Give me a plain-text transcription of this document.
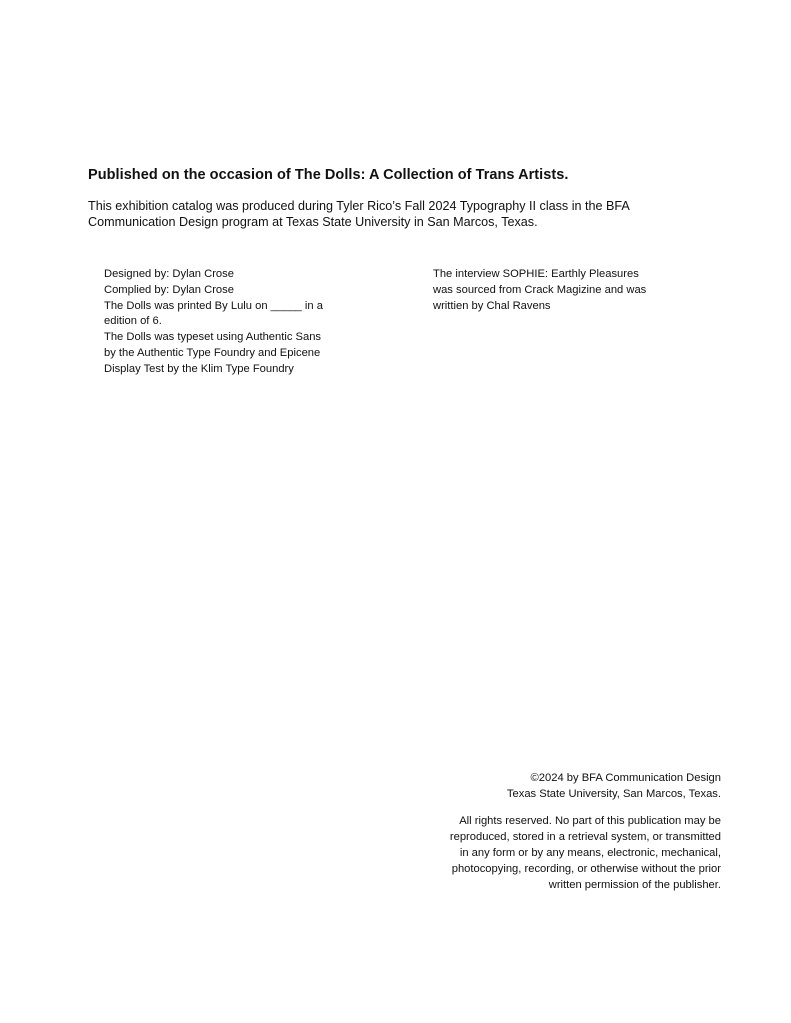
Published on the occasion of The Dolls: A Collection of Trans Artists.
This exhibition catalog was produced during Tyler Rico’s Fall 2024 Typography II class in the BFA
Communication Design program at Texas State University in San Marcos, Texas.
Designed by: Dylan Crose
Complied by: Dylan Crose
The Dolls was printed By Lulu on _____ in a
edition of 6.
The Dolls was typeset using Authentic Sans
by the Authentic Type Foundry and Epicene
Display Test by the Klim Type Foundry
The interview SOPHIE: Earthly Pleasures
was sourced from Crack Magizine and was
writtien by Chal Ravens
©2024 by BFA Communication Design
Texas State University, San Marcos, Texas.
All rights reserved. No part of this publication may be
reproduced, stored in a retrieval system, or transmitted
in any form or by any means, electronic, mechanical,
photocopying, recording, or otherwise without the prior
written permission of the publisher.
